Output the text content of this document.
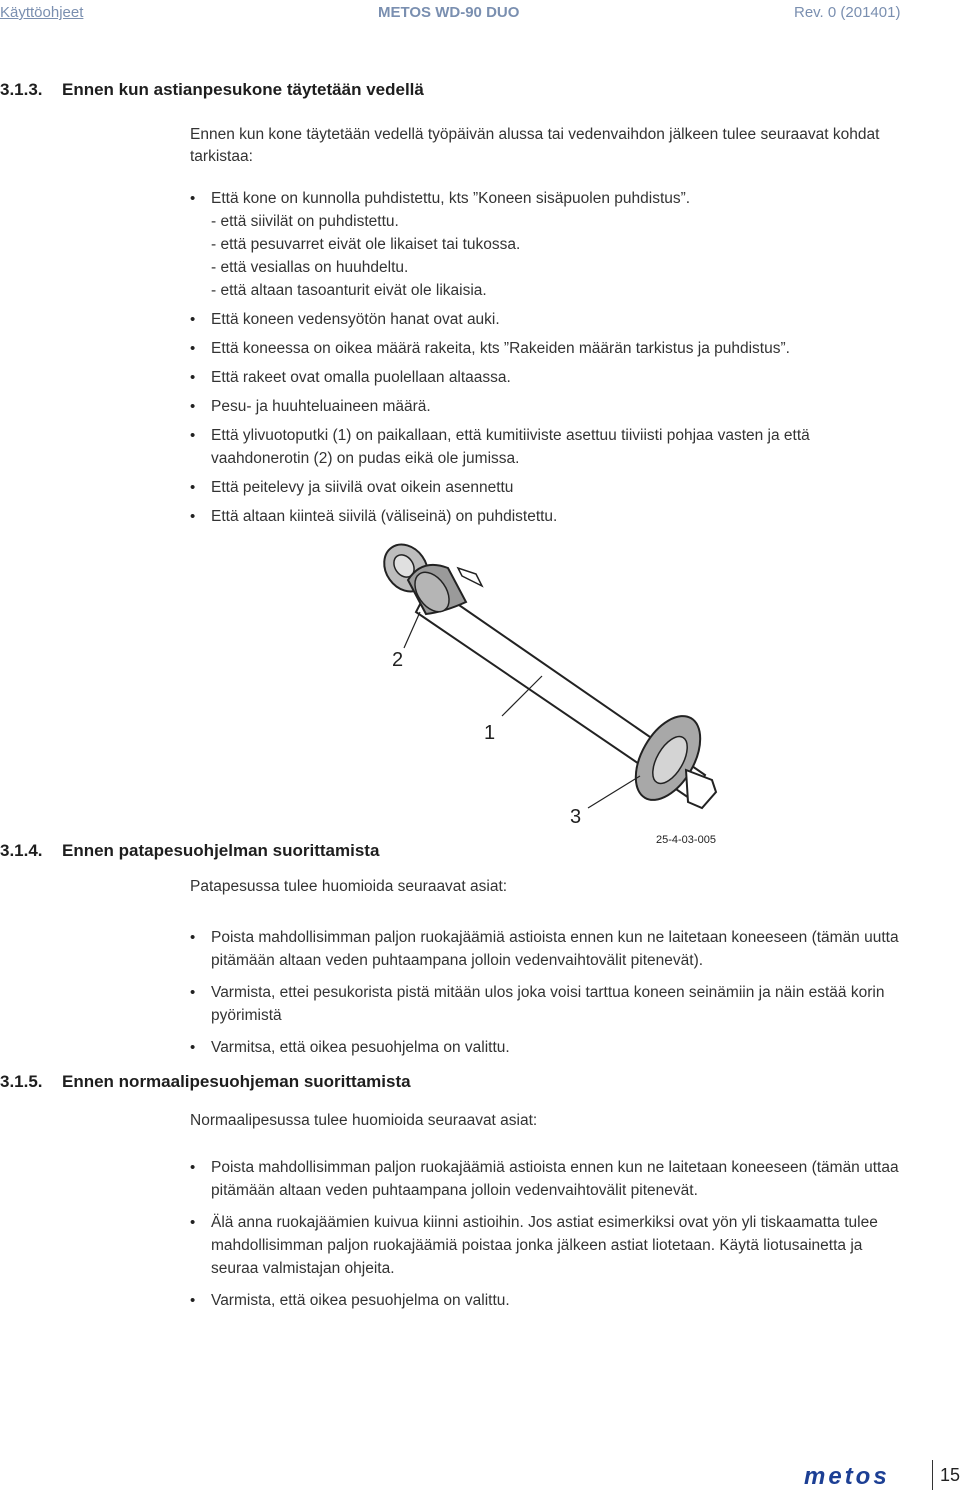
Käyttöohjeet	METOS WD-90 DUO	Rev. 0 (201401)
3.1.3. Ennen kun astianpesukone täytetään vedellä
Ennen kun kone täytetään vedellä työpäivän alussa tai vedenvaihdon jälkeen tulee seuraavat kohdat tarkistaa:
• Että kone on kunnolla puhdistettu, kts ”Koneen sisäpuolen puhdistus”.
- että siivilät on puhdistettu.
- että pesuvarret eivät ole likaiset tai tukossa.
- että vesiallas on huuhdeltu.
- että altaan tasoanturit eivät ole likaisia.
• Että koneen vedensyötön hanat ovat auki.
• Että koneessa on oikea määrä rakeita, kts ”Rakeiden määrän tarkistus ja puhdistus”.
• Että rakeet ovat omalla puolellaan altaassa.
• Pesu- ja huuhteluaineen määrä.
• Että ylivuotoputki (1) on paikallaan, että kumitiiviste asettuu tiiviisti pohjaa vasten ja että vaahdonerotin (2) on pudas eikä ole jumissa.
• Että peitelevy ja siivilä ovat oikein asennettu
• Että altaan kiinteä siivilä (väliseinä) on puhdistettu.
2
1
3
25-4-03-005
3.1.4. Ennen patapesuohjelman suorittamista
Patapesussa tulee huomioida seuraavat asiat:
• Poista mahdollisimman paljon ruokajäämiä astioista ennen kun ne laitetaan koneeseen (tämän uutta pitämään altaan veden puhtaampana jolloin vedenvaihtovälit pitenevät).
• Varmista, ettei pesukorista pistä mitään ulos joka voisi tarttua koneen seinämiin ja näin estää korin pyörimistä
• Varmitsa, että oikea pesuohjelma on valittu.
3.1.5. Ennen normaalipesuohjeman suorittamista
Normaalipesussa tulee huomioida seuraavat asiat:
• Poista mahdollisimman paljon ruokajäämiä astioista ennen kun ne laitetaan koneeseen (tämän uttaa pitämään altaan veden puhtaampana jolloin vedenvaihtovälit pitenevät.
• Älä anna ruokajäämien kuivua kiinni astioihin. Jos astiat esimerkiksi ovat yön yli tiskaamatta tulee mahdollisimman paljon ruokajäämiä poistaa jonka jälkeen astiat liotetaan. Käytä liotusainetta ja seuraa valmistajan ohjeita.
• Varmista, että oikea pesuohjelma on valittu.
metos	15
